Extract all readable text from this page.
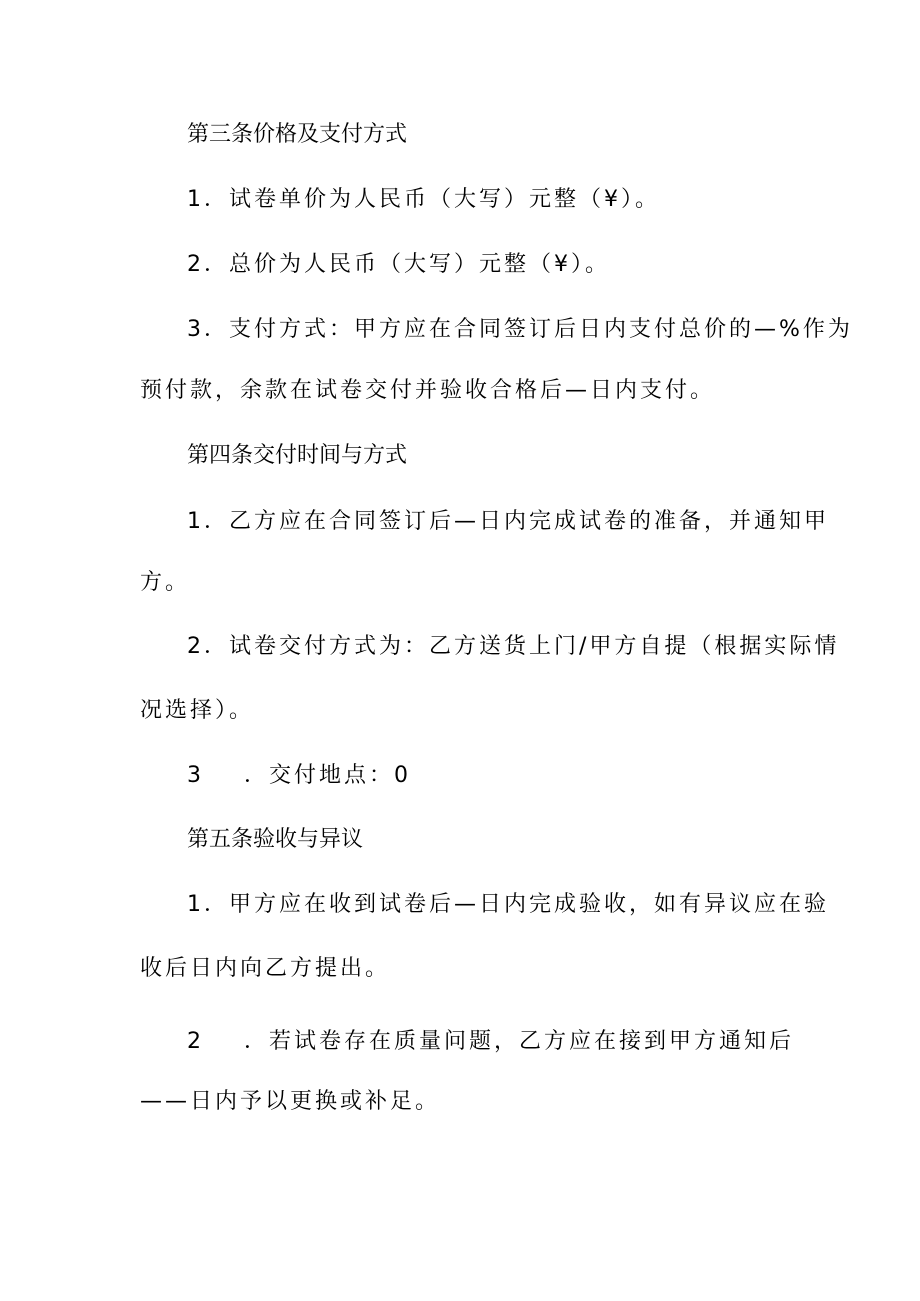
第三条价格及支付方式
1．试卷单价为人民币（大写）元整（¥）。
2．总价为人民币（大写）元整（¥）。
3．支付方式：甲方应在合同签订后日内支付总价的—%作为
预付款，余款在试卷交付并验收合格后—日内支付。
第四条交付时间与方式
1．乙方应在合同签订后—日内完成试卷的准备，并通知甲
方。
2．试卷交付方式为：乙方送货上门/甲方自提（根据实际情
况选择）。
3 ．交付地点：0
第五条验收与异议
1．甲方应在收到试卷后—日内完成验收，如有异议应在验
收后日内向乙方提出。
2 ．若试卷存在质量问题，乙方应在接到甲方通知后
——日内予以更换或补足。
